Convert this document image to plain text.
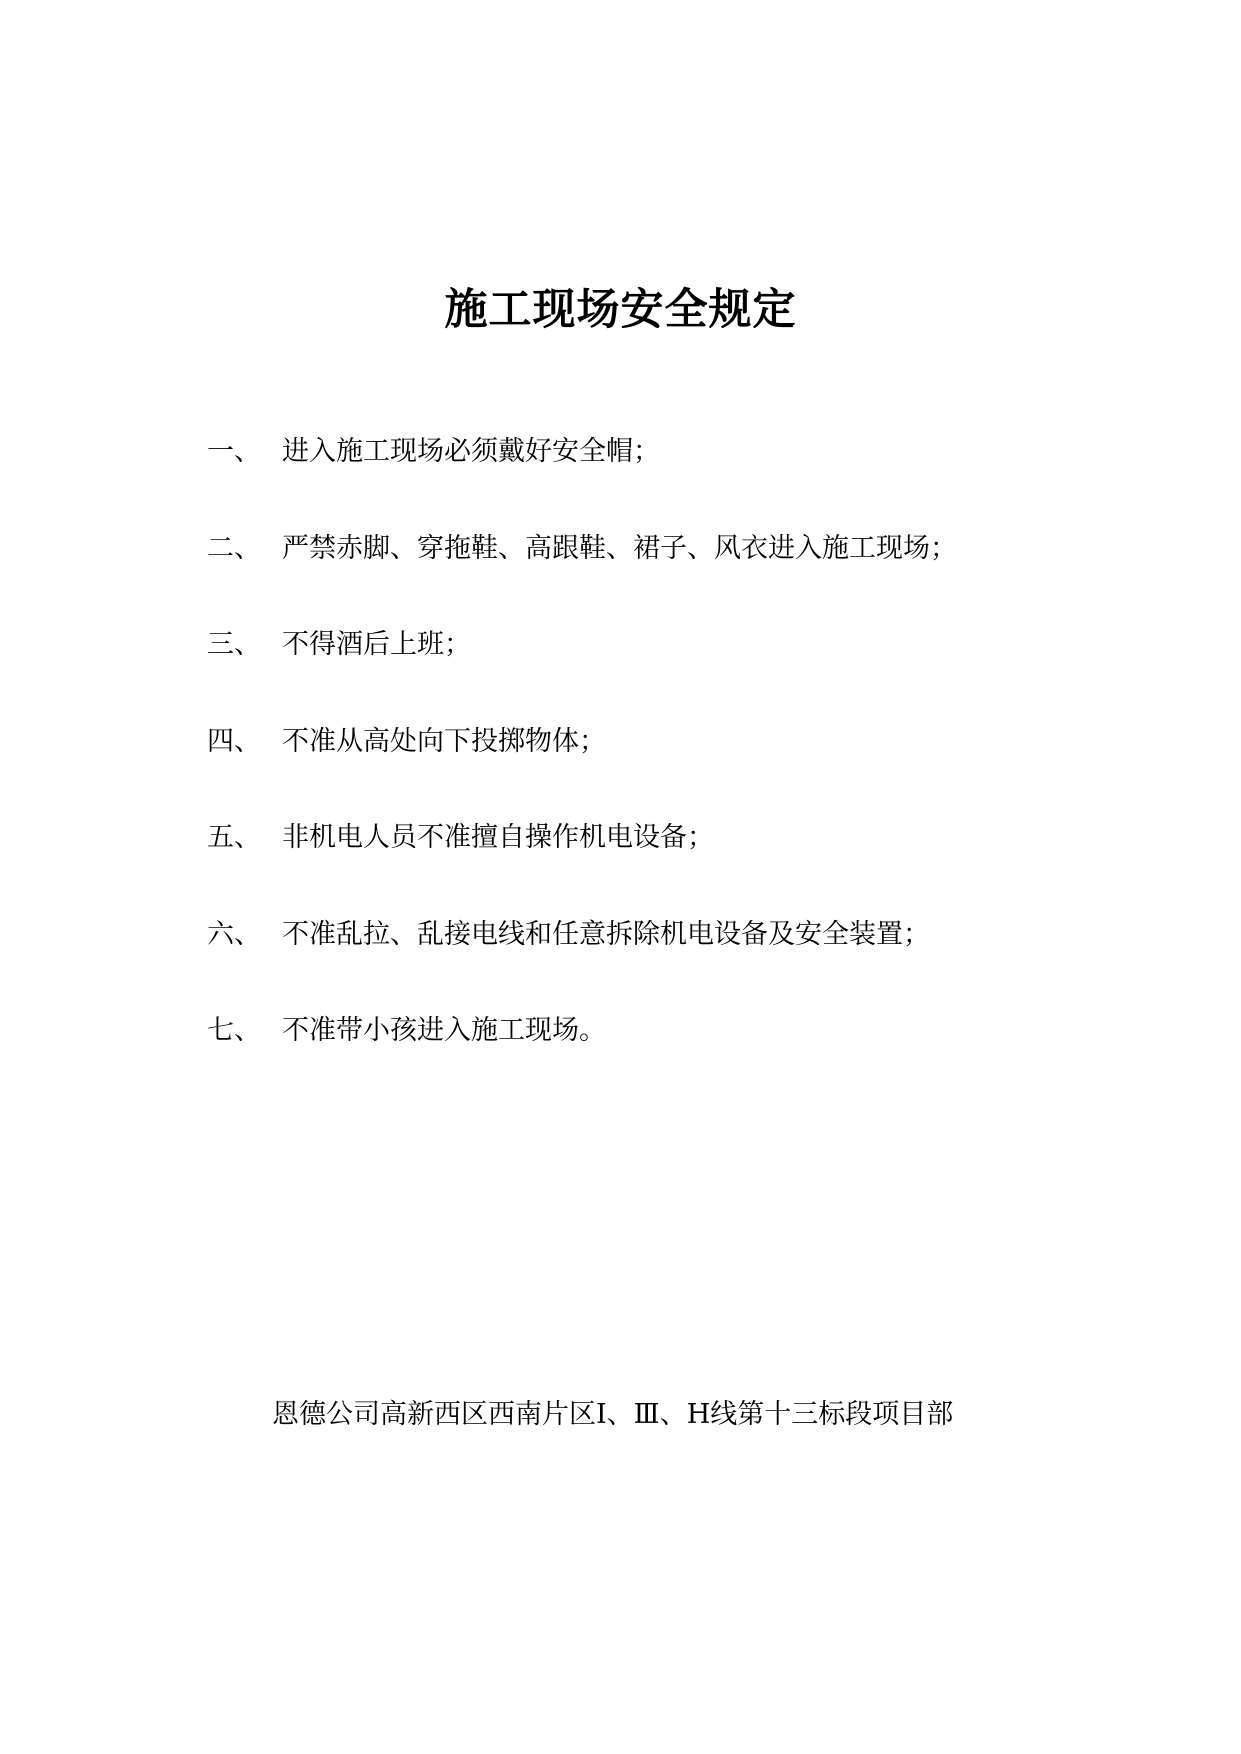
施工现场安全规定
一、 进入施工现场必须戴好安全帽；
二、 严禁赤脚、穿拖鞋、高跟鞋、裙子、风衣进入施工现场；
三、 不得酒后上班；
四、 不准从高处向下投掷物体；
五、 非机电人员不准擅自操作机电设备；
六、 不准乱拉、乱接电线和任意拆除机电设备及安全装置；
七、 不准带小孩进入施工现场。
恩德公司高新西区西南片区Ⅰ、Ⅲ、H线第十三标段项目部
